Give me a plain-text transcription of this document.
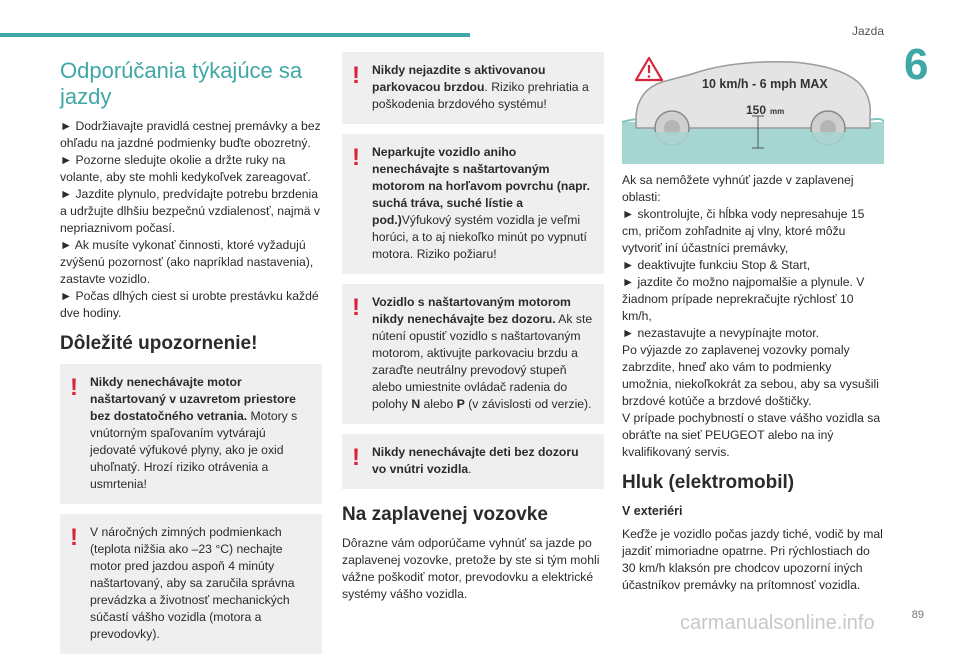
Jazda
6
Odporúčania týkajúce sa jazdy

► Dodržiavajte pravidlá cestnej premávky a bez ohľadu na jazdné podmienky buďte obozretný.

► Pozorne sledujte okolie a držte ruky na volante, aby ste mohli kedykoľvek zareagovať.

► Jazdite plynulo, predvídajte potrebu brzdenia a udržujte dlhšiu bezpečnú vzdialenosť, najmä v nepriaznivom počasí.

► Ak musíte vykonať činnosti, ktoré vyžadujú zvýšenú pozornosť (ako napríklad nastavenia), zastavte vozidlo.

► Počas dlhých ciest si urobte prestávku každé dve hodiny.

Dôležité upozornenie!
! Nikdy nenechávajte motor naštartovaný v uzavretom priestore bez dostatočného vetrania. Motory s vnútorným spaľovaním vytvárajú jedovaté výfukové plyny, ako je oxid uhoľnatý. Hrozí riziko otrávenia a usmrtenia!
! V náročných zimných podmienkach (teplota nižšia ako –23 °C) nechajte motor pred jazdou aspoň 4 minúty naštartovaný, aby sa zaručila správna prevádzka a životnosť mechanických súčastí vášho vozidla (motora a prevodovky).
! Nikdy nejazdite s aktivovanou parkovacou brzdou. Riziko prehriatia a poškodenia brzdového systému!
! Neparkujte vozidlo aniho nenechávajte s naštartovaným motorom na horľavom povrchu (napr. suchá tráva, suché lístie a pod.)Výfukový systém vozidla je veľmi horúci, a to aj niekoľko minút po vypnutí motora. Riziko požiaru!
! Vozidlo s naštartovaným motorom nikdy nenechávajte bez dozoru. Ak ste nútení opustiť vozidlo s naštartovaným motorom, aktivujte parkovaciu brzdu a zaraďte neutrálny prevodový stupeň alebo umiestnite ovládač radenia do polohy N alebo P (v závislosti od verzie).
! Nikdy nenechávajte deti bez dozoru vo vnútri vozidla.
Na zaplavenej vozovke

Dôrazne vám odporúčame vyhnúť sa jazde po zaplavenej vozovke, pretože by ste si tým mohli vážne poškodiť motor, prevodovku a elektrické systémy vášho vozidla.

10 km/h - 6 mph MAX
150 mm

Ak sa nemôžete vyhnúť jazde v zaplavenej oblasti:

► skontrolujte, či hĺbka vody nepresahuje 15 cm, pričom zohľadnite aj vlny, ktoré môžu vytvoriť iní účastníci premávky,

► deaktivujte funkciu Stop & Start,

► jazdite čo možno najpomalšie a plynule. V žiadnom prípade neprekračujte rýchlosť 10 km/h,

► nezastavujte a nevypínajte motor.

Po výjazde zo zaplavenej vozovky pomaly zabrzdite, hneď ako vám to podmienky umožnia, niekoľkokrát za sebou, aby sa vysušili brzdové kotúče a brzdové doštičky.

V prípade pochybností o stave vášho vozidla sa obráťte na sieť PEUGEOT alebo na iný kvalifikovaný servis.

Hluk (elektromobil)
V exteriéri

Keďže je vozidlo počas jazdy tiché, vodič by mal jazdiť mimoriadne opatrne. Pri rýchlostiach do 30 km/h klaksón pre chodcov upozorní iných účastníkov premávky na prítomnosť vozidla.

carmanualsonline.info	89
